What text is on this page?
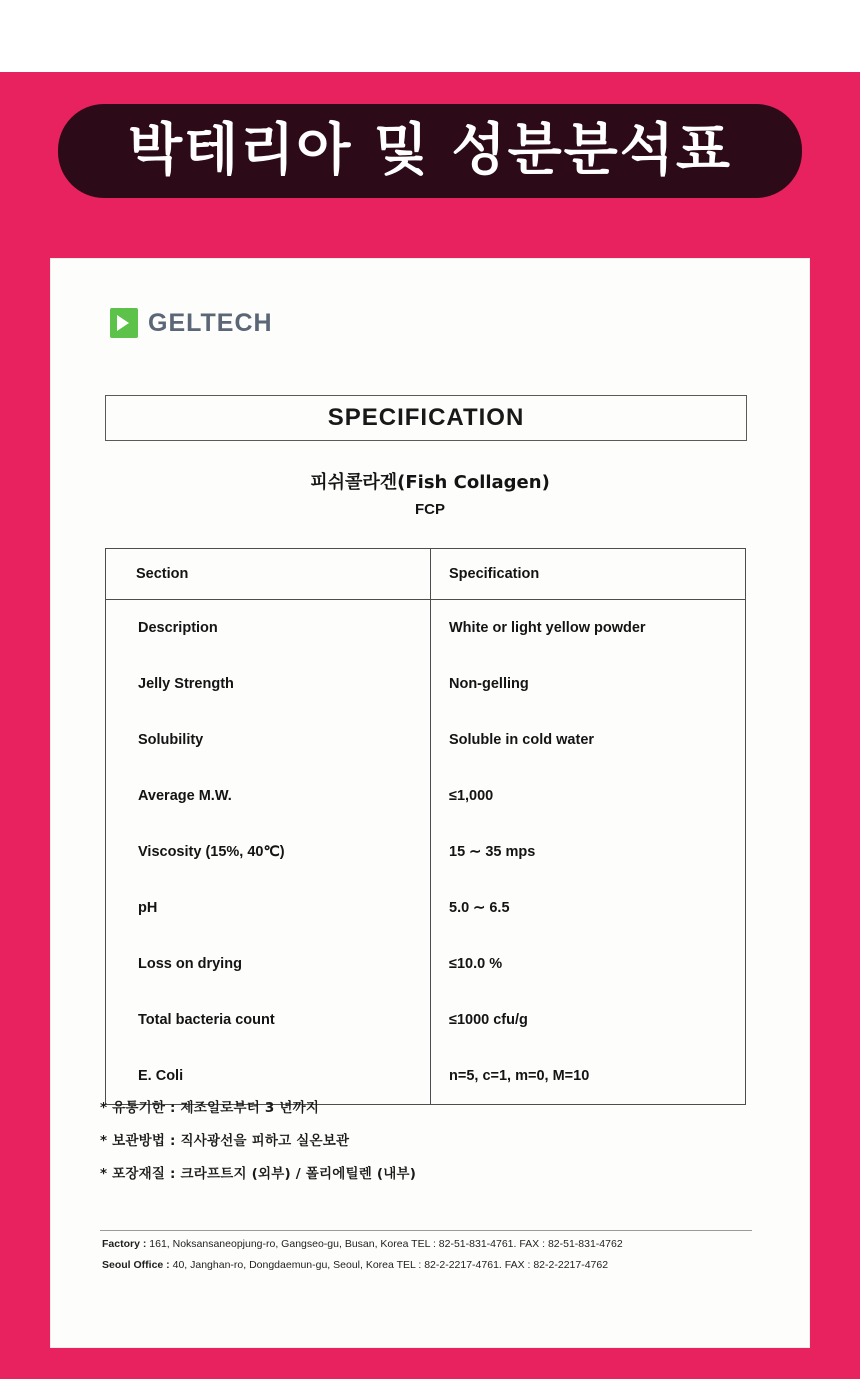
박테리아 및 성분분석표
GELTECH
SPECIFICATION
피쉬콜라겐(Fish Collagen)
FCP
Section	Specification
Description	White or light yellow powder
Jelly Strength	Non-gelling
Solubility	Soluble in cold water
Average M.W.	≤1,000
Viscosity (15%, 40℃)	15 ∼ 35 mps
pH	5.0 ∼ 6.5
Loss on drying	≤10.0 %
Total bacteria count	≤1000 cfu/g
E. Coli	n=5, c=1, m=0, M=10
* 유통기한 : 제조일로부터 3 년까지
* 보관방법 : 직사광선을 피하고 실온보관
* 포장재질 : 크라프트지 (외부) / 폴리에틸렌 (내부)
Factory : 161, Noksansaneopjung-ro, Gangseo-gu, Busan, Korea TEL : 82-51-831-4761. FAX : 82-51-831-4762
Seoul Office : 40, Janghan-ro, Dongdaemun-gu, Seoul, Korea TEL : 82-2-2217-4761. FAX : 82-2-2217-4762
